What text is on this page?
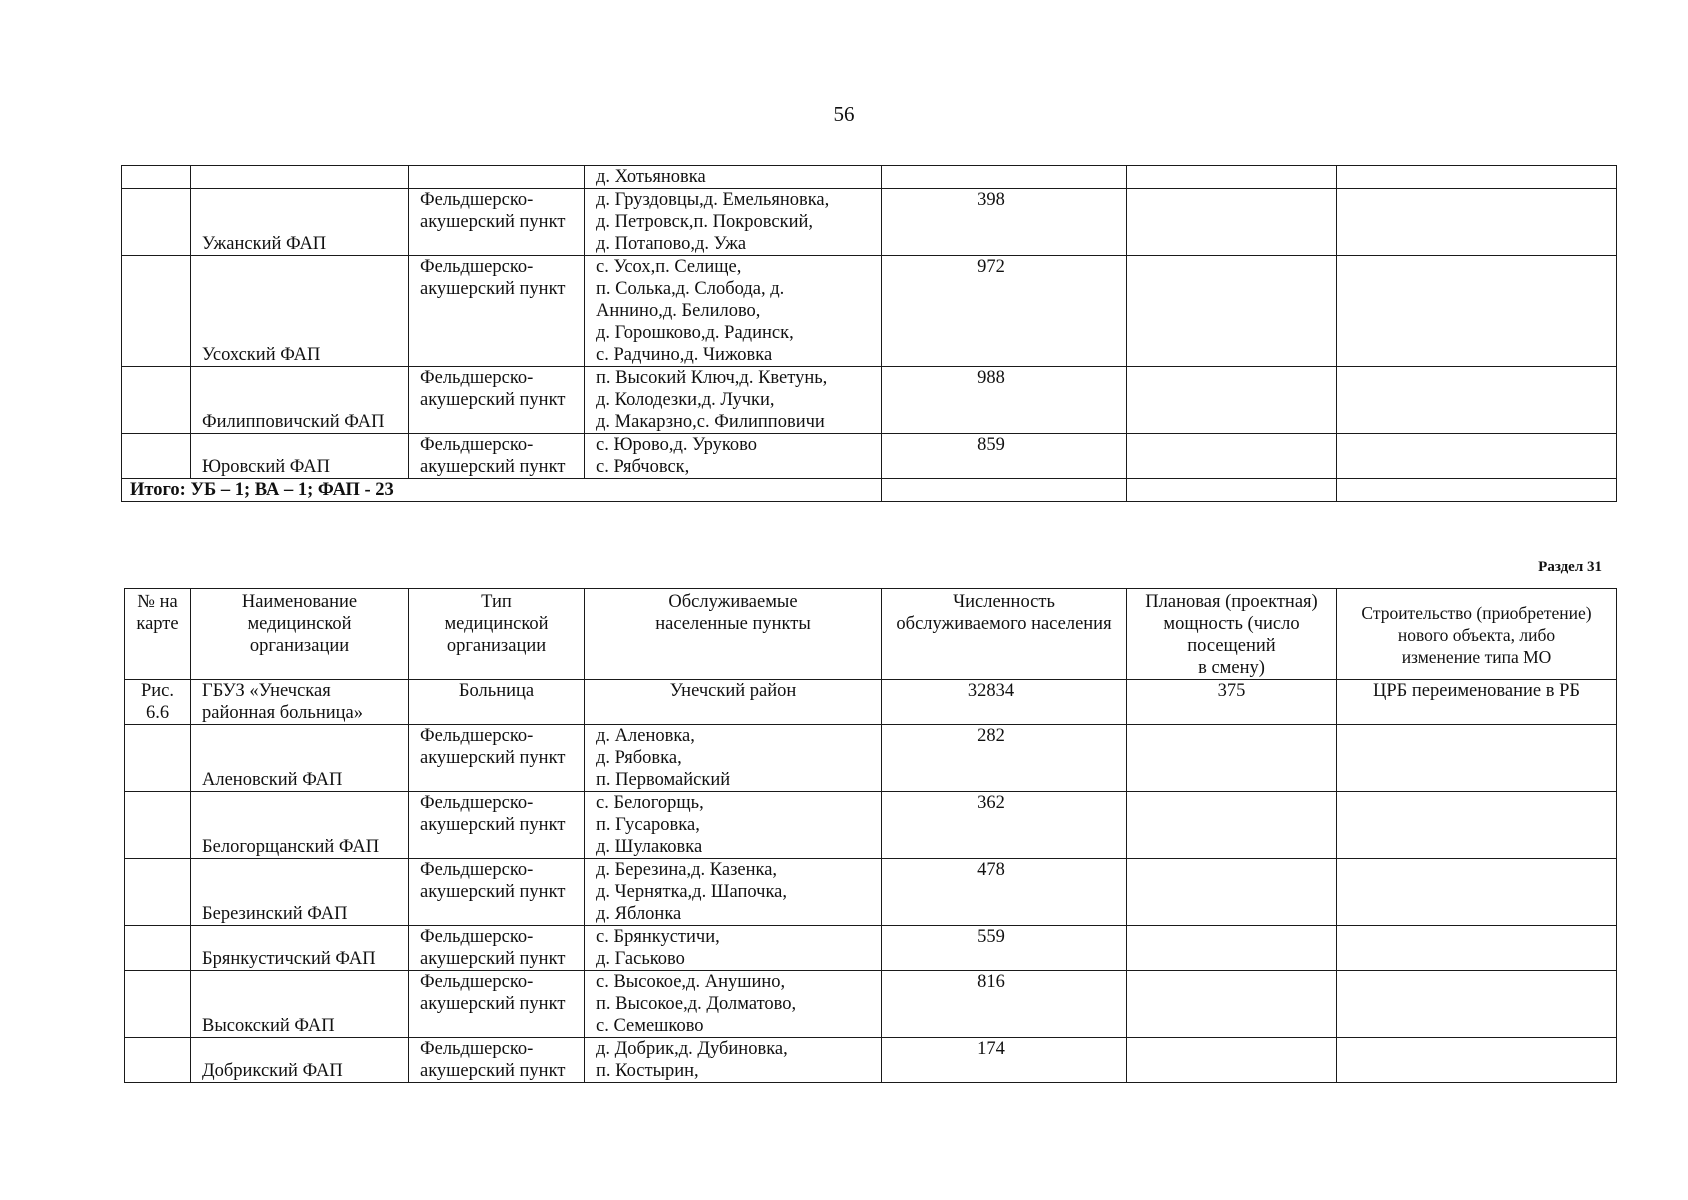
56
			д. Хотьяновка			
	Ужанский ФАП	Фельдшерско-
акушерский пункт	д. Груздовцы,д. Емельяновка,
д. Петровск,п. Покровский,
д. Потапово,д. Ужа	398		
	Усохский ФАП	Фельдшерско-
акушерский пункт	с. Усох,п. Селище,
п. Солька,д. Слобода, д.
Аннино,д. Белилово,
д. Горошково,д. Радинск,
с. Радчино,д. Чижовка	972		
	Филипповичский ФАП	Фельдшерско-
акушерский пункт	п. Высокий Ключ,д. Кветунь,
д. Колодезки,д. Лучки,
д. Макарзно,с. Филипповичи	988		
	Юровский ФАП	Фельдшерско-
акушерский пункт	с. Юрово,д. Уруково
с. Рябчовск,	859		
Итого: УБ – 1; ВА – 1; ФАП - 23						
Раздел 31
№ на
карте	Наименование
медицинской
организации	Тип
медицинской
организации	Обслуживаемые
населенные пункты	Численность
обслуживаемого населения	Плановая (проектная)
мощность (число
посещений
в смену)	Строительство (приобретение)
нового объекта, либо
изменение типа МО
Рис.
6.6	ГБУЗ «Унечская
районная больница»	Больница	Унечский район	32834	375	ЦРБ переименование в РБ
	Аленовский ФАП	Фельдшерско-
акушерский пункт	д. Аленовка,
д. Рябовка,
п. Первомайский	282		
	Белогорщанский ФАП	Фельдшерско-
акушерский пункт	с. Белогорщь,
п. Гусаровка,
д. Шулаковка	362		
	Березинский ФАП	Фельдшерско-
акушерский пункт	д. Березина,д. Казенка,
д. Чернятка,д. Шапочка,
д. Яблонка	478		
	Брянкустичский ФАП	Фельдшерско-
акушерский пункт	с. Брянкустичи,
д. Гаськово	559		
	Высокский ФАП	Фельдшерско-
акушерский пункт	с. Высокое,д. Анушино,
п. Высокое,д. Долматово,
с. Семешково	816		
	Добрикский ФАП	Фельдшерско-
акушерский пункт	д. Добрик,д. Дубиновка,
п. Костырин,	174		
